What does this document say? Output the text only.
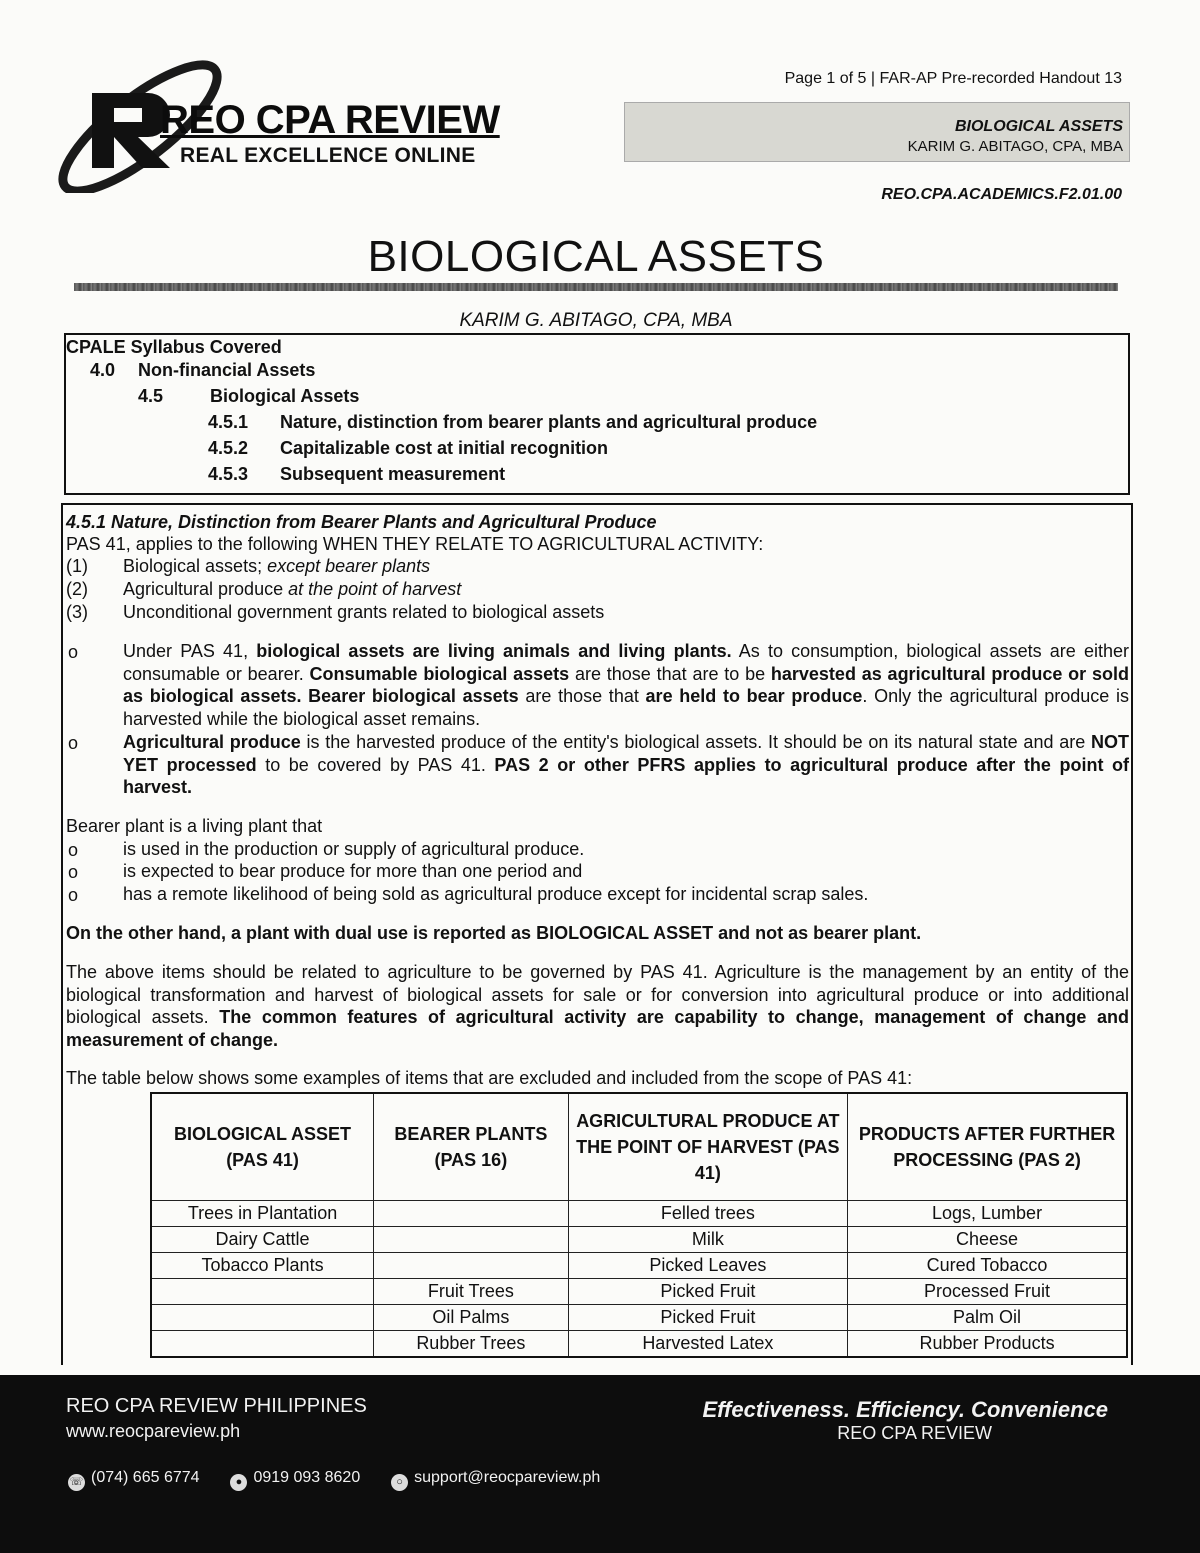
REO CPA REVIEW
REAL EXCELLENCE ONLINE
Page 1 of 5 | FAR-AP Pre-recorded Handout 13
BIOLOGICAL ASSETS
KARIM G. ABITAGO, CPA, MBA
REO.CPA.ACADEMICS.F2.01.00
BIOLOGICAL ASSETS
KARIM G. ABITAGO, CPA, MBA
CPALE Syllabus Covered
4.0 Non-financial Assets
4.5	Biological Assets
4.5.1 Nature, distinction from bearer plants and agricultural produce
4.5.2 Capitalizable cost at initial recognition
4.5.3 Subsequent measurement
4.5.1 Nature, Distinction from Bearer Plants and Agricultural Produce
PAS 41, applies to the following WHEN THEY RELATE TO AGRICULTURAL ACTIVITY:
(1) Biological assets; except bearer plants
(2) Agricultural produce at the point of harvest
(3) Unconditional government grants related to biological assets
o Under PAS 41, biological assets are living animals and living plants. As to consumption, biological assets are either consumable or bearer. Consumable biological assets are those that are to be harvested as agricultural produce or sold as biological assets. Bearer biological assets are those that are held to bear produce. Only the agricultural produce is harvested while the biological asset remains.
o Agricultural produce is the harvested produce of the entity's biological assets. It should be on its natural state and are NOT YET processed to be covered by PAS 41. PAS 2 or other PFRS applies to agricultural produce after the point of harvest.
Bearer plant is a living plant that
o is used in the production or supply of agricultural produce.
o is expected to bear produce for more than one period and
o has a remote likelihood of being sold as agricultural produce except for incidental scrap sales.
On the other hand, a plant with dual use is reported as BIOLOGICAL ASSET and not as bearer plant.
The above items should be related to agriculture to be governed by PAS 41. Agriculture is the management by an entity of the biological transformation and harvest of biological assets for sale or for conversion into agricultural produce or into additional biological assets. The common features of agricultural activity are capability to change, management of change and measurement of change.
The table below shows some examples of items that are excluded and included from the scope of PAS 41:
BIOLOGICAL ASSET (PAS 41)	BEARER PLANTS (PAS 16)	AGRICULTURAL PRODUCE AT THE POINT OF HARVEST (PAS 41)	PRODUCTS AFTER FURTHER PROCESSING (PAS 2)
Trees in Plantation		Felled trees	Logs, Lumber
Dairy Cattle		Milk	Cheese
Tobacco Plants		Picked Leaves	Cured Tobacco
	Fruit Trees	Picked Fruit	Processed Fruit
	Oil Palms	Picked Fruit	Palm Oil
	Rubber Trees	Harvested Latex	Rubber Products
REO CPA REVIEW PHILIPPINES
www.reocpareview.ph
Effectiveness. Efficiency. Convenience
REO CPA REVIEW
☏ (074) 665 6774	● 0919 093 8620	○ support@reocpareview.ph
